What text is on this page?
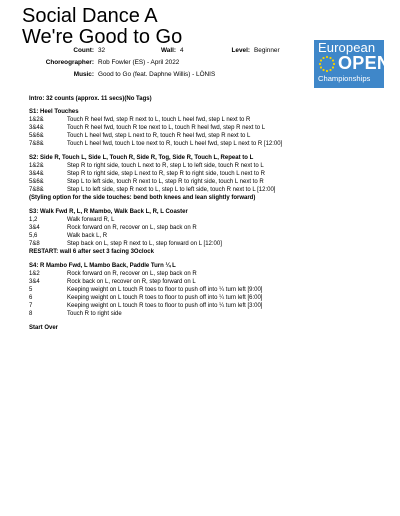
Social Dance A
We're Good to Go
Count: 32	Wall: 4	Level: Beginner
Choreographer: Rob Fowler (ES) - April 2022
Music: Good to Go (feat. Daphne Willis) - LÒNIS
European
OPEN
Championships
Intro: 32 counts (approx. 11 secs)(No Tags)
S1: Heel Touches
1&2&	Touch R heel fwd, step R next to L, touch L heel fwd, step L next to R
3&4&	Touch R heel fwd, touch R toe next to L, touch R heel fwd, step R next to L
5&6&	Touch L heel fwd, step L next to R, touch R heel fwd, step R next to L
7&8&	Touch L heel fwd, touch L toe next to R, touch L heel fwd, step L next to R [12:00]
S2: Side R, Touch L, Side L, Touch R, Side R, Tog, Side R, Touch L, Repeat to L
1&2&	Step R to right side, touch L next to R, step L to left side, touch R next to L
3&4&	Step R to right side, step L next to R, step R to right side, touch L next to R
5&6&	Step L to left side, touch R next to L, step R to right side, touch L next to R
7&8&	Step L to left side, step R next to L, step L to left side, touch R next to L [12:00]
(Styling option for the side touches: bend both knees and lean slightly forward)
S3: Walk Fwd R, L, R Mambo, Walk Back L, R, L Coaster
1,2	Walk forward R, L
3&4	Rock forward on R, recover on L, step back on R
5,6	Walk back L, R
7&8	Step back on L, step R next to L, step forward on L [12:00]
RESTART: wall 6 after sect 3 facing 3Oclock
S4: R Mambo Fwd, L Mambo Back, Paddle Turn ¼ L
1&2	Rock forward on R, recover on L, step back on R
3&4	Rock back on L, recover on R, step forward on L
5	Keeping weight on L touch R toes to floor to push off into ¼ turn left [9:00]
6	Keeping weight on L touch R toes to floor to push off into ¼ turn left [6:00]
7	Keeping weight on L touch R toes to floor to push off into ¼ turn left [3:00]
8	Touch R to right side
Start Over
